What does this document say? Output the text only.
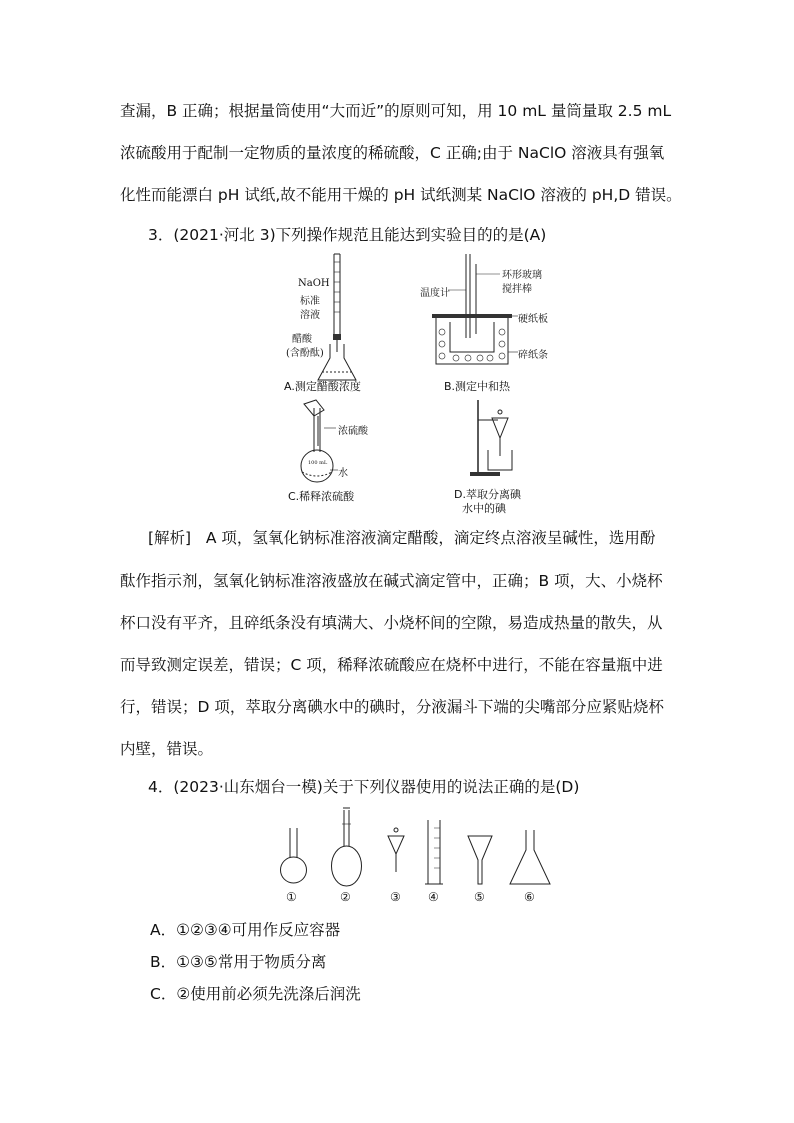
查漏，B 正确；根据量筒使用“大而近”的原则可知，用 10 mL 量筒量取 2.5 mL
浓硫酸用于配制一定物质的量浓度的稀硫酸，C 正确;由于 NaClO 溶液具有强氧
化性而能漂白 pH 试纸,故不能用干燥的 pH 试纸测某 NaClO 溶液的 pH,D 错误。
3．(2021·河北 3)下列操作规范且能达到实验目的的是(A)
NaOH
标准
溶液
醋酸
(含酚酞)
A.测定醋酸浓度
温度计
环形玻璃
搅拌棒
硬纸板
碎纸条
B.测定中和热
浓硫酸
水
100 mL
C.稀释浓硫酸	D.萃取分离碘
水中的碘
[解析] A 项，氢氧化钠标准溶液滴定醋酸，滴定终点溶液呈碱性，选用酚
酞作指示剂，氢氧化钠标准溶液盛放在碱式滴定管中，正确；B 项，大、小烧杯
杯口没有平齐，且碎纸条没有填满大、小烧杯间的空隙，易造成热量的散失，从
而导致测定误差，错误；C 项，稀释浓硫酸应在烧杯中进行，不能在容量瓶中进
行，错误；D 项，萃取分离碘水中的碘时，分液漏斗下端的尖嘴部分应紧贴烧杯
内壁，错误。
4．(2023·山东烟台一模)关于下列仪器使用的说法正确的是(D)
①	②	③ ④	⑤	⑥
A．①②③④可用作反应容器
B．①③⑤常用于物质分离
C．②使用前必须先洗涤后润洗
